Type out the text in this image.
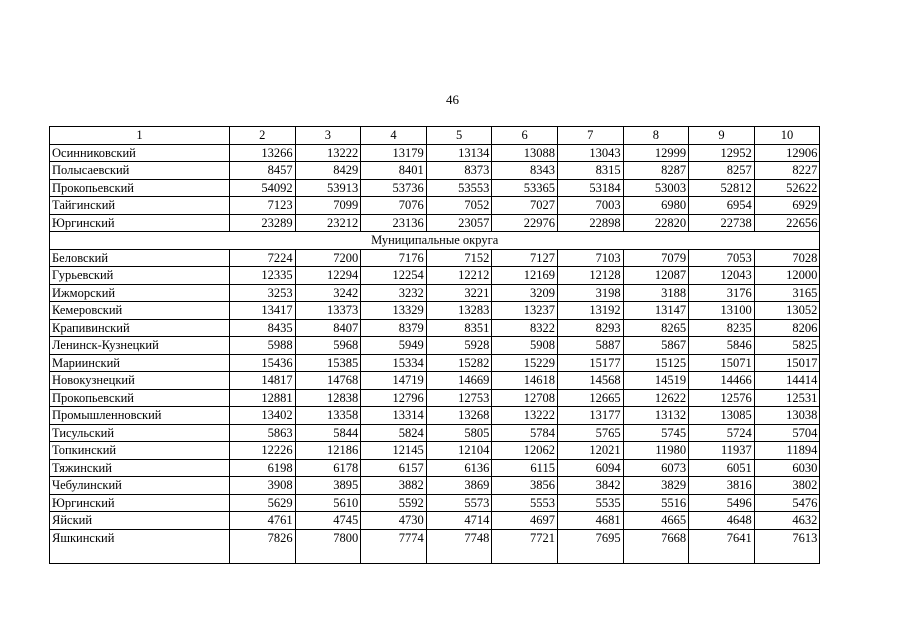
46
1	2	3	4	5	6	7	8	9	10
Осинниковский	13266	13222	13179	13134	13088	13043	12999	12952	12906
Полысаевский	8457	8429	8401	8373	8343	8315	8287	8257	8227
Прокопьевский	54092	53913	53736	53553	53365	53184	53003	52812	52622
Тайгинский	7123	7099	7076	7052	7027	7003	6980	6954	6929
Юргинский	23289	23212	23136	23057	22976	22898	22820	22738	22656
Муниципальные округа									
Беловский	7224	7200	7176	7152	7127	7103	7079	7053	7028
Гурьевский	12335	12294	12254	12212	12169	12128	12087	12043	12000
Ижморский	3253	3242	3232	3221	3209	3198	3188	3176	3165
Кемеровский	13417	13373	13329	13283	13237	13192	13147	13100	13052
Крапивинский	8435	8407	8379	8351	8322	8293	8265	8235	8206
Ленинск-Кузнецкий	5988	5968	5949	5928	5908	5887	5867	5846	5825
Мариинский	15436	15385	15334	15282	15229	15177	15125	15071	15017
Новокузнецкий	14817	14768	14719	14669	14618	14568	14519	14466	14414
Прокопьевский	12881	12838	12796	12753	12708	12665	12622	12576	12531
Промышленновский	13402	13358	13314	13268	13222	13177	13132	13085	13038
Тисульский	5863	5844	5824	5805	5784	5765	5745	5724	5704
Топкинский	12226	12186	12145	12104	12062	12021	11980	11937	11894
Тяжинский	6198	6178	6157	6136	6115	6094	6073	6051	6030
Чебулинский	3908	3895	3882	3869	3856	3842	3829	3816	3802
Юргинский	5629	5610	5592	5573	5553	5535	5516	5496	5476
Яйский	4761	4745	4730	4714	4697	4681	4665	4648	4632
Яшкинский	7826	7800	7774	7748	7721	7695	7668	7641	7613
